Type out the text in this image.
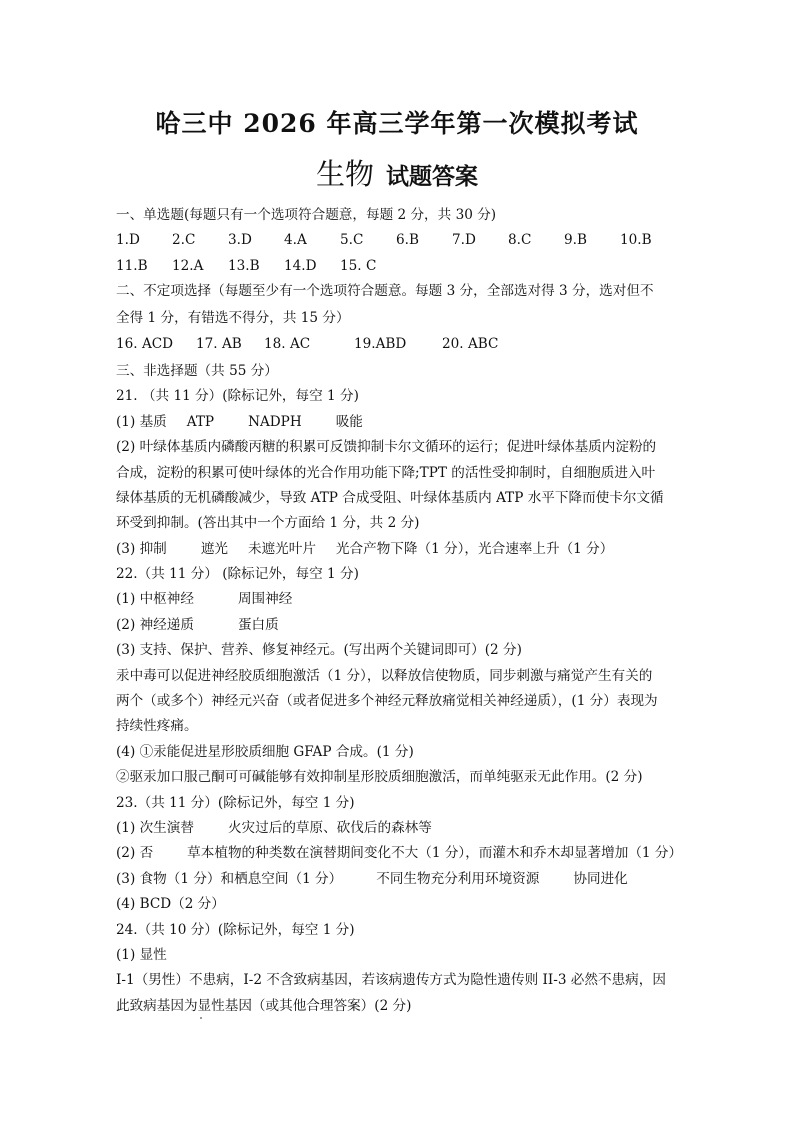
哈三中 2026 年高三学年第一次模拟考试
生物 试题答案
一、单选题(每题只有一个选项符合题意，每题 2 分，共 30 分)
1.D 2.C 3.D 4.A 5.C 6.B 7.D 8.C 9.B 10.B
11.B 12.A 13.B 14.D 15. C
二、不定项选择（每题至少有一个选项符合题意。每题 3 分，全部选对得 3 分，选对但不
全得 1 分，有错选不得分，共 15 分）
16. ACD 17. AB 18. AC	19.ABD	20. ABC
三、非选择题（共 55 分）
21. （共 11 分）(除标记外，每空 1 分)
(1) 基质 ATP	NADPH	吸能
(2) 叶绿体基质内磷酸丙糖的积累可反馈抑制卡尔文循环的运行；促进叶绿体基质内淀粉的
合成，淀粉的积累可使叶绿体的光合作用功能下降;TPT 的活性受抑制时，自细胞质进入叶
绿体基质的无机磷酸减少，导致 ATP 合成受阻、叶绿体基质内 ATP 水平下降而使卡尔文循
环受到抑制。(答出其中一个方面给 1 分，共 2 分)
(3) 抑制	遮光 未遮光叶片 光合产物下降（1 分），光合速率上升（1 分）
22.（共 11 分） (除标记外，每空 1 分)
(1) 中枢神经	周围神经
(2) 神经递质	蛋白质
(3) 支持、保护、营养、修复神经元。(写出两个关键词即可）(2 分)
汞中毒可以促进神经胶质细胞激活（1 分），以释放信使物质，同步刺激与痛觉产生有关的
两个（或多个）神经元兴奋（或者促进多个神经元释放痛觉相关神经递质），(1 分）表现为
持续性疼痛。
(4) ①汞能促进星形胶质细胞 GFAP 合成。(1 分)
②驱汞加口服己酮可可碱能够有效抑制星形胶质细胞激活，而单纯驱汞无此作用。(2 分)
23.（共 11 分）(除标记外，每空 1 分)
(1) 次生演替	火灾过后的草原、砍伐后的森林等
(2) 否	草本植物的种类数在演替期间变化不大（1 分），而灌木和乔木却显著增加（1 分）
(3) 食物（1 分）和栖息空间（1 分）	不同生物充分利用环境资源	协同进化
(4) BCD（2 分）
24.（共 10 分）(除标记外，每空 1 分)
(1) 显性
I-1（男性）不患病，I-2 不含致病基因，若该病遗传方式为隐性遗传则 II-3 必然不患病，因
此致病基因为显性基因（或其他合理答案）(2 分)
